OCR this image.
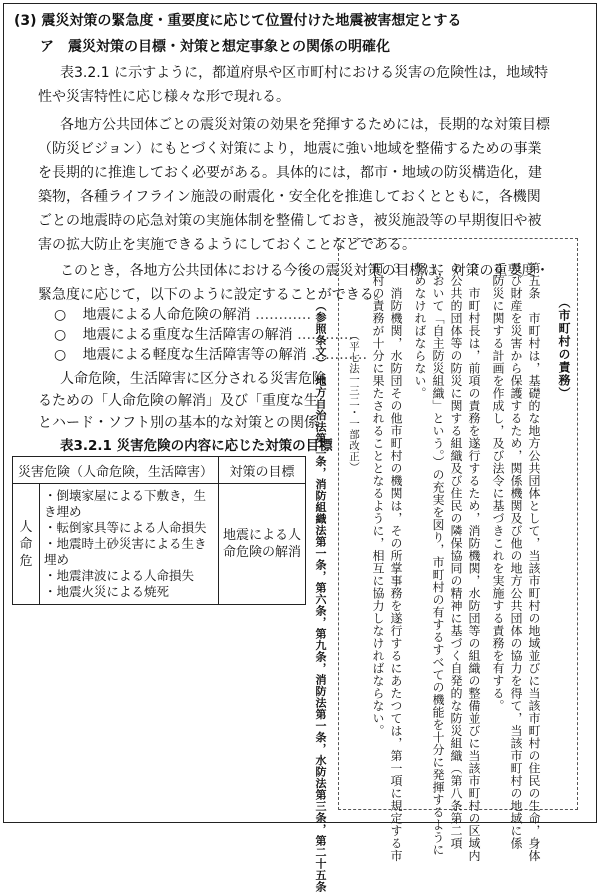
(3) 震災対策の緊急度・重要度に応じて位置付けた地震被害想定とする
ア　震災対策の目標・対策と想定事象との関係の明確化
表3.2.1 に示すように，都道府県や区市町村における災害の危険性は，地域特
性や災害特性に応じ様々な形で現れる。
各地方公共団体ごとの震災対策の効果を発揮するためには，長期的な対策目標
（防災ビジョン）にもとづく対策により，地震に強い地域を整備するための事業
を長期的に推進しておく必要がある。具体的には，都市・地域の防災構造化，建
築物，各種ライフライン施設の耐震化・安全化を推進しておくとともに，各機関
ごとの地震時の応急対策の実施体制を整備しておき，被災施設等の早期復旧や被
害の拡大防止を実施できるようにしておくことなどである。
このとき，各地方公共団体における今後の震災対策の目標は，対策の重要度・
緊急度に応じて，以下のように設定することができる。
○ 地震による人命危険の解消 …………
○ 地震による重度な生活障害の解消 …………
○ 地震による軽度な生活障害等の解消 …………
人命危険，生活障害に区分される災害危険
表3.2.1 災害危険の内容に応じた対策の目標
災害危険（人命危険，生活障害）		対策の目標
人命危	・倒壊家屋による下敷き，生き埋め
・転倒家具等による人命損失
・地震時土砂災害による生き埋め
・地震津波による人命損失
・地震火災による焼死	地震による人命危険の解消
（市町村の責務）
第五条　市町村は，基礎的な地方公共団体として，当該市町村の地域並びに当該市町村の住民の生命，身体
及び財産を災害から保護するため，関係機関及び他の地方公共団体の協力を得て，当該市町村の地域に係
る防災に関する計画を作成し，及び法令に基づきこれを実施する責務を有する。
２　市町村長は，前項の責務を遂行するため，消防機関，水防団等の組織の整備並びに当該市町村の区域内
の公共的団体等の防災に関する組織及び住民の隣保協同の精神に基づく自発的な防災組織（第八条第二項
において「自主防災組織」という。）の充実を図り，市町村の有するすべての機能を十分に発揮するように
努めなければならない。
３　消防機関，水防団その他市町村の機関は，その所掌事務を遂行するにあたつては，第一項に規定する市
町村の責務が十分に果たされることとなるように，相互に協力しなければならない。
（平七法一三二・一部改正）
（参照条文）　地方自治法第二条，消防組織法第一条，第六条，第九条，消防法第一条，水防法第三条，第二十五条
るための「人命危険の解消」及び「重度な生
とハード・ソフト別の基本的な対策との関係
